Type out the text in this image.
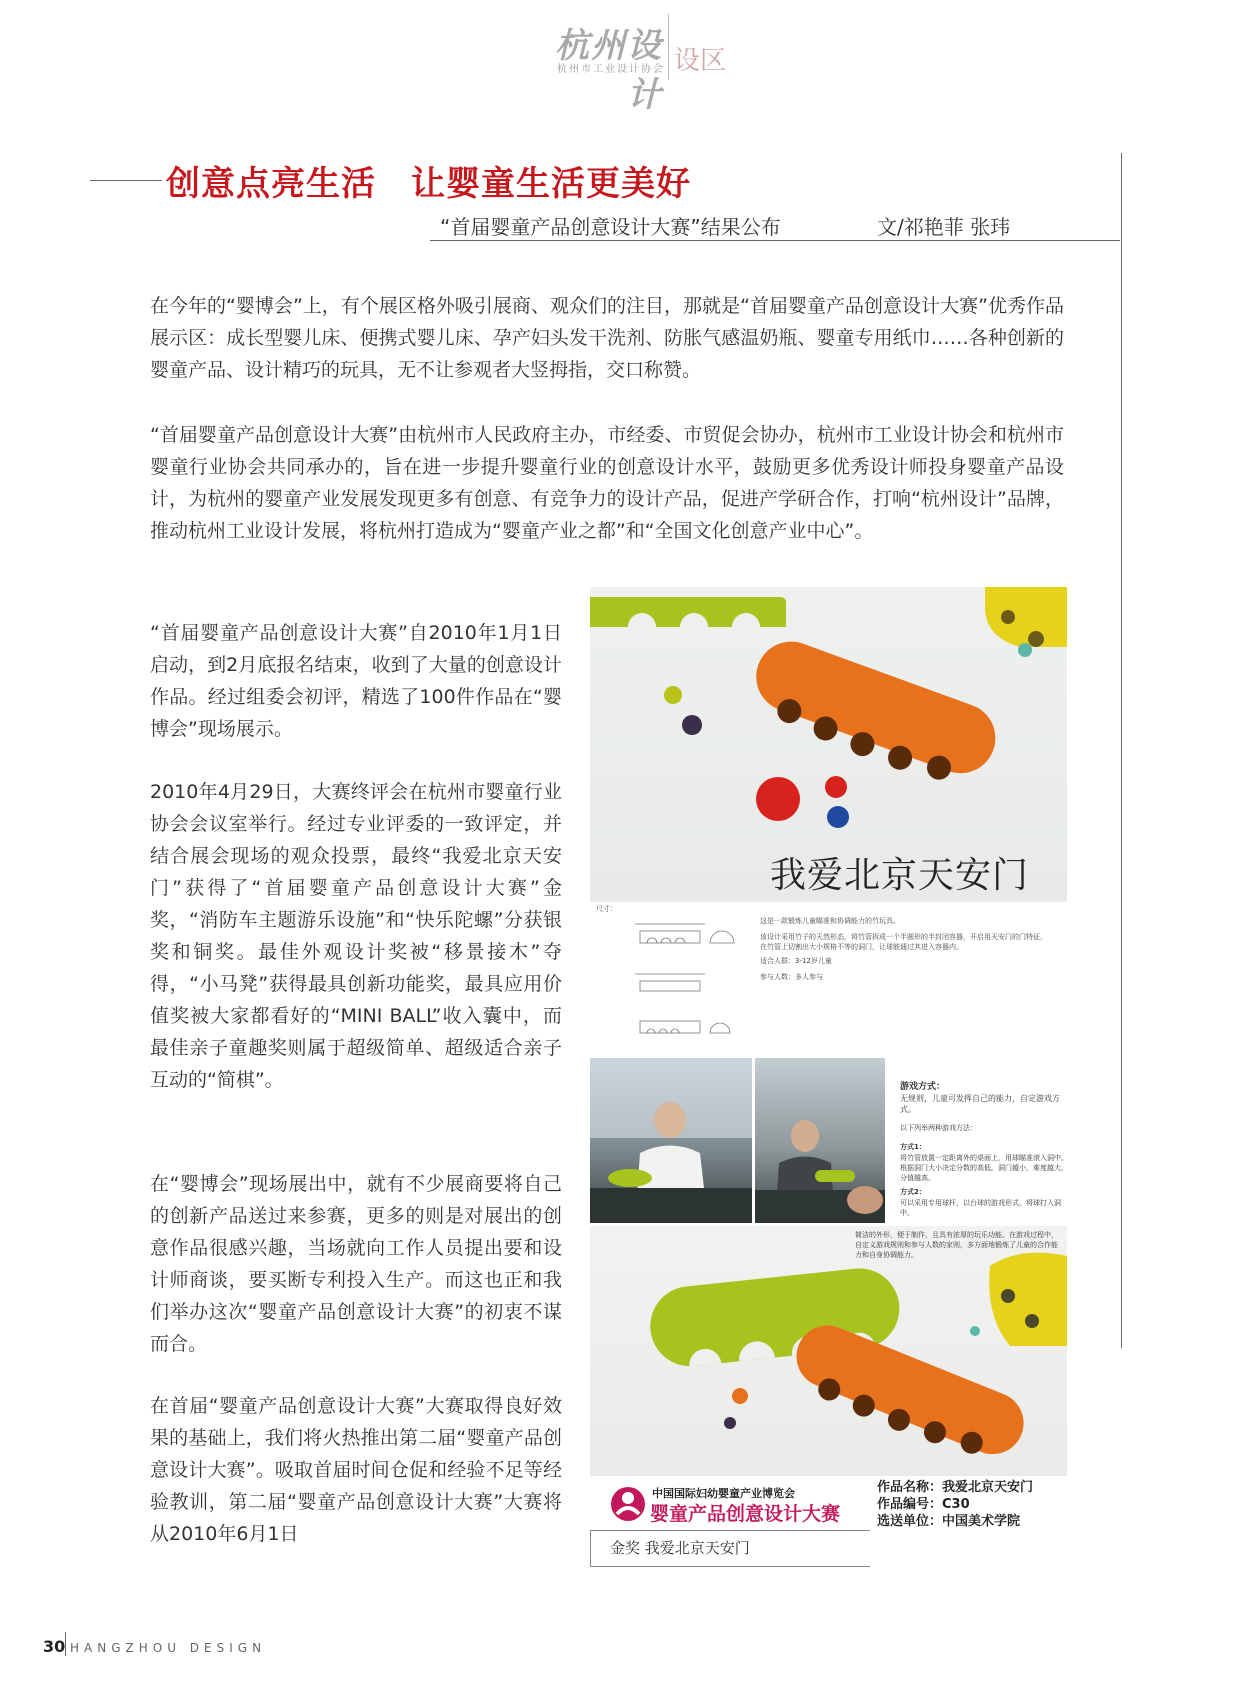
杭州设计
杭州市工业设计协会 设区
创意点亮生活　让婴童生活更美好
“首届婴童产品创意设计大赛”结果公布	文/祁艳菲 张玮
在今年的“婴博会”上，有个展区格外吸引展商、观众们的注目，那就是“首届婴童产品创意设计大赛”优秀作品展示区：成长型婴儿床、便携式婴儿床、孕产妇头发干洗剂、防胀气感温奶瓶、婴童专用纸巾……各种创新的婴童产品、设计精巧的玩具，无不让参观者大竖拇指，交口称赞。
“首届婴童产品创意设计大赛”由杭州市人民政府主办，市经委、市贸促会协办，杭州市工业设计协会和杭州市婴童行业协会共同承办的，旨在进一步提升婴童行业的创意设计水平，鼓励更多优秀设计师投身婴童产品设计，为杭州的婴童产业发展发现更多有创意、有竞争力的设计产品，促进产学研合作，打响“杭州设计”品牌，推动杭州工业设计发展，将杭州打造成为“婴童产业之都”和“全国文化创意产业中心”。
“首届婴童产品创意设计大赛”自2010年1月1日启动，到2月底报名结束，收到了大量的创意设计作品。经过组委会初评，精选了100件作品在“婴博会”现场展示。
2010年4月29日，大赛终评会在杭州市婴童行业协会会议室举行。经过专业评委的一致评定，并结合展会现场的观众投票，最终“我爱北京天安门”获得了“首届婴童产品创意设计大赛”金奖，“消防车主题游乐设施”和“快乐陀螺”分获银奖和铜奖。最佳外观设计奖被“移景接木”夺得，“小马凳”获得最具创新功能奖，最具应用价值奖被大家都看好的“MINI BALL”收入囊中，而最佳亲子童趣奖则属于超级简单、超级适合亲子互动的“简棋”。
在“婴博会”现场展出中，就有不少展商要将自己的创新产品送过来参赛，更多的则是对展出的创意作品很感兴趣，当场就向工作人员提出要和设计师商谈，要买断专利投入生产。而这也正和我们举办这次“婴童产品创意设计大赛”的初衷不谋而合。
在首届“婴童产品创意设计大赛”大赛取得良好效果的基础上，我们将火热推出第二届“婴童产品创意设计大赛”。吸取首届时间仓促和经验不足等经验教训，第二届“婴童产品创意设计大赛”大赛将从2010年6月1日
我爱北京天安门
尺寸：
这是一款锻炼儿童瞄准和协调能力的竹玩具。
该设计采用竹子的天然形态，将竹管拆成一个半圆形的半封闭容器，开启用天安门的门特征，在竹管上切割出大小规格不等的洞门，让球能通过其进入容器内。
适合人群：3-12岁儿童
参与人数：多人参与
游戏方式：
无规则，儿童可发挥自己的能力，自定游戏方式。
以下列举两种游戏方法：
方式1：
将竹管放置一定距离外的桌面上，用球瞄准滚入洞中。根据洞门大小决定分数的高低。洞门越小，难度越大，分值越高。
方式2：
可以采用专用球杆，以台球的游戏形式，将球打入洞中。
简洁的外形，便于制作，且具有浓厚的玩乐功能。在游戏过程中，自定义游戏规则和参与人数的家则，多方面地锻炼了儿童的合作能力和自身协调能力。
中国国际妇幼婴童产业博览会
婴童产品创意设计大赛
作品名称：我爱北京天安门
作品编号：C30
选送单位：中国美术学院
金奖 我爱北京天安门
30 HANGZHOU DESIGN
